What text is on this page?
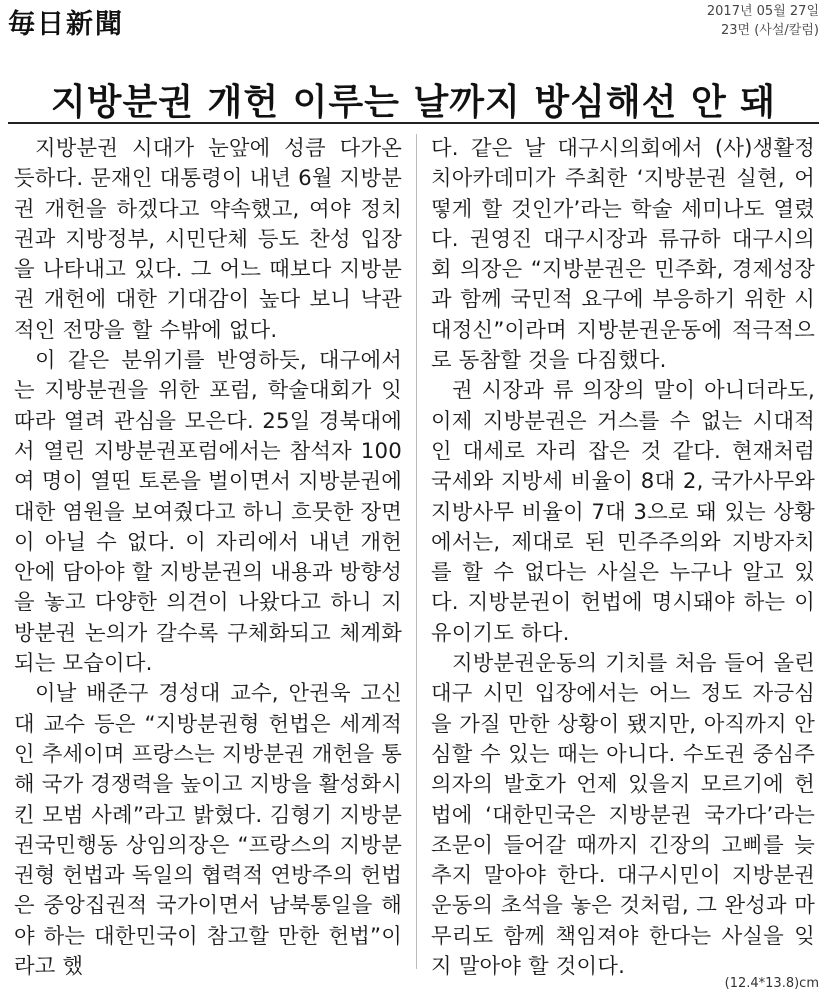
毎日新聞	2017년 05월 27일
23면 (사설/칼럼)
지방분권 개헌 이루는 날까지 방심해선 안 돼

지방분권 시대가 눈앞에 성큼 다가온 듯하다. 문재인 대통령이 내년 6월 지방분권 개헌을 하겠다고 약속했고, 여야 정치권과 지방정부, 시민단체 등도 찬성 입장을 나타내고 있다. 그 어느 때보다 지방분권 개헌에 대한 기대감이 높다 보니 낙관적인 전망을 할 수밖에 없다.

이 같은 분위기를 반영하듯, 대구에서는 지방분권을 위한 포럼, 학술대회가 잇따라 열려 관심을 모은다. 25일 경북대에서 열린 지방분권포럼에서는 참석자 100여 명이 열띤 토론을 벌이면서 지방분권에 대한 염원을 보여줬다고 하니 흐뭇한 장면이 아닐 수 없다. 이 자리에서 내년 개헌안에 담아야 할 지방분권의 내용과 방향성을 놓고 다양한 의견이 나왔다고 하니 지방분권 논의가 갈수록 구체화되고 체계화되는 모습이다.

이날 배준구 경성대 교수, 안권욱 고신대 교수 등은 “지방분권형 헌법은 세계적인 추세이며 프랑스는 지방분권 개헌을 통해 국가 경쟁력을 높이고 지방을 활성화시킨 모범 사례”라고 밝혔다. 김형기 지방분권국민행동 상임의장은 “프랑스의 지방분권형 헌법과 독일의 협력적 연방주의 헌법은 중앙집권적 국가이면서 남북통일을 해야 하는 대한민국이 참고할 만한 헌법”이라고 했

다. 같은 날 대구시의회에서 (사)생활정치아카데미가 주최한 ‘지방분권 실현, 어떻게 할 것인가’라는 학술 세미나도 열렸다. 권영진 대구시장과 류규하 대구시의회 의장은 “지방분권은 민주화, 경제성장과 함께 국민적 요구에 부응하기 위한 시대정신”이라며 지방분권운동에 적극적으로 동참할 것을 다짐했다.

권 시장과 류 의장의 말이 아니더라도, 이제 지방분권은 거스를 수 없는 시대적인 대세로 자리 잡은 것 같다. 현재처럼 국세와 지방세 비율이 8대 2, 국가사무와 지방사무 비율이 7대 3으로 돼 있는 상황에서는, 제대로 된 민주주의와 지방자치를 할 수 없다는 사실은 누구나 알고 있다. 지방분권이 헌법에 명시돼야 하는 이유이기도 하다.

지방분권운동의 기치를 처음 들어 올린 대구 시민 입장에서는 어느 정도 자긍심을 가질 만한 상황이 됐지만, 아직까지 안심할 수 있는 때는 아니다. 수도권 중심주의자의 발호가 언제 있을지 모르기에 헌법에 ‘대한민국은 지방분권 국가다’라는 조문이 들어갈 때까지 긴장의 고삐를 늦추지 말아야 한다. 대구시민이 지방분권운동의 초석을 놓은 것처럼, 그 완성과 마무리도 함께 책임져야 한다는 사실을 잊지 말아야 할 것이다.

(12.4*13.8)cm
